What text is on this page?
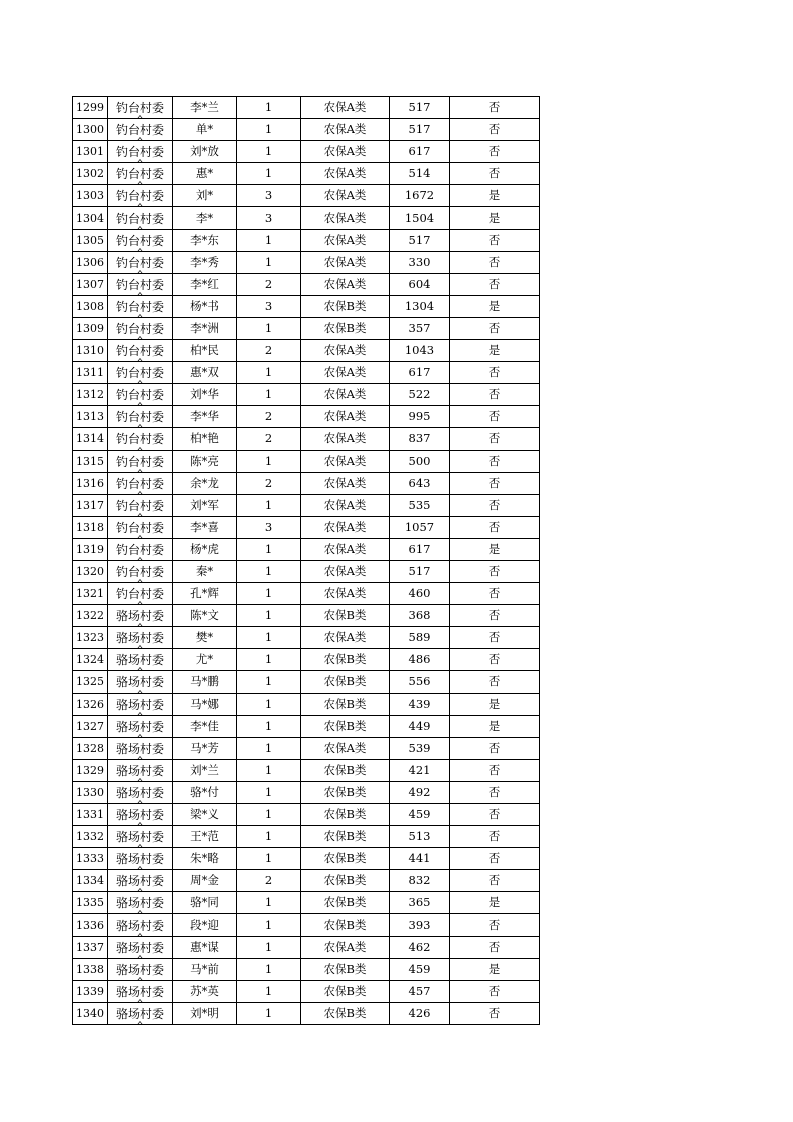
1299	钓台村委	李*兰	1	农保A类	517	否
1300	钓台村委	单*	1	农保A类	517	否
1301	钓台村委	刘*放	1	农保A类	617	否
1302	钓台村委	惠*	1	农保A类	514	否
1303	钓台村委	刘*	3	农保A类	1672	是
1304	钓台村委	李*	3	农保A类	1504	是
1305	钓台村委	李*东	1	农保A类	517	否
1306	钓台村委	李*秀	1	农保A类	330	否
1307	钓台村委	李*红	2	农保A类	604	否
1308	钓台村委	杨*书	3	农保B类	1304	是
1309	钓台村委	李*洲	1	农保B类	357	否
1310	钓台村委	柏*民	2	农保A类	1043	是
1311	钓台村委	惠*双	1	农保A类	617	否
1312	钓台村委	刘*华	1	农保A类	522	否
1313	钓台村委	李*华	2	农保A类	995	否
1314	钓台村委	柏*艳	2	农保A类	837	否
1315	钓台村委	陈*亮	1	农保A类	500	否
1316	钓台村委	余*龙	2	农保A类	643	否
1317	钓台村委	刘*军	1	农保A类	535	否
1318	钓台村委	李*喜	3	农保A类	1057	否
1319	钓台村委	杨*虎	1	农保A类	617	是
1320	钓台村委	秦*	1	农保A类	517	否
1321	钓台村委	孔*辉	1	农保A类	460	否
1322	骆场村委	陈*文	1	农保B类	368	否
1323	骆场村委	樊*	1	农保A类	589	否
1324	骆场村委	尤*	1	农保B类	486	否
1325	骆场村委	马*鹏	1	农保B类	556	否
1326	骆场村委	马*娜	1	农保B类	439	是
1327	骆场村委	李*佳	1	农保B类	449	是
1328	骆场村委	马*芳	1	农保A类	539	否
1329	骆场村委	刘*兰	1	农保B类	421	否
1330	骆场村委	骆*付	1	农保B类	492	否
1331	骆场村委	梁*义	1	农保B类	459	否
1332	骆场村委	王*范	1	农保B类	513	否
1333	骆场村委	朱*略	1	农保B类	441	否
1334	骆场村委	周*金	2	农保B类	832	否
1335	骆场村委	骆*同	1	农保B类	365	是
1336	骆场村委	段*迎	1	农保B类	393	否
1337	骆场村委	惠*谋	1	农保A类	462	否
1338	骆场村委	马*前	1	农保B类	459	是
1339	骆场村委	苏*英	1	农保B类	457	否
1340	骆场村委	刘*明	1	农保B类	426	否
